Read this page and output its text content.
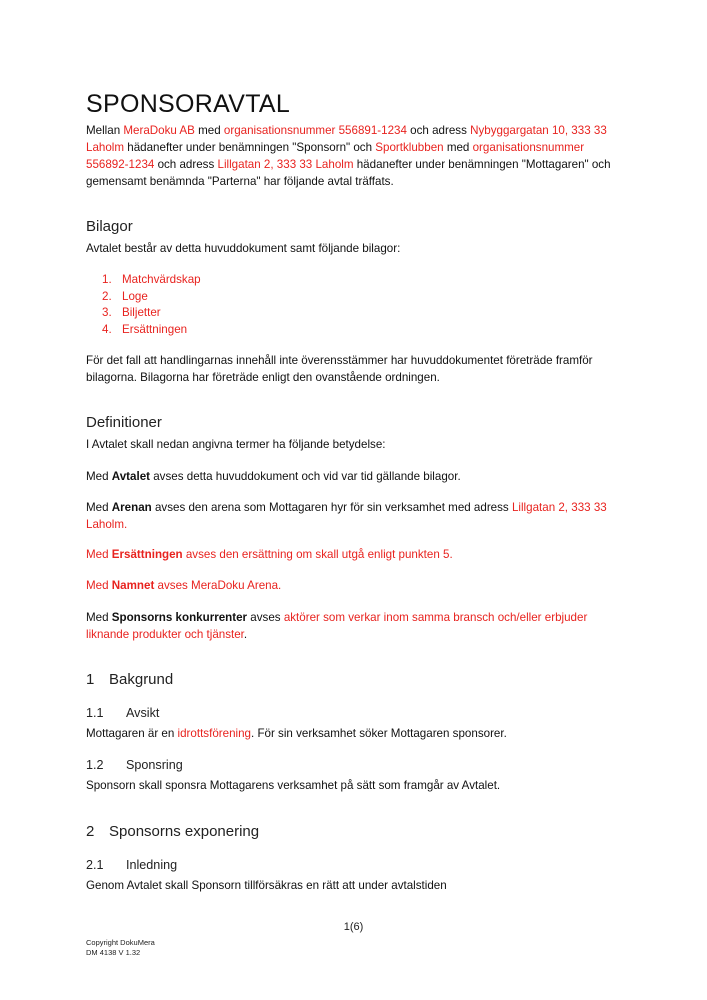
SPONSORAVTAL
Mellan MeraDoku AB med organisationsnummer 556891-1234 och adress Nybyggargatan 10, 333 33 Laholm hädanefter under benämningen "Sponsorn" och Sportklubben med organisationsnummer 556892-1234 och adress Lillgatan 2, 333 33 Laholm hädanefter under benämningen "Mottagaren" och gemensamt benämnda "Parterna" har följande avtal träffats.
Bilagor
Avtalet består av detta huvuddokument samt följande bilagor:
1. Matchvärdskap
2. Loge
3. Biljetter
4. Ersättningen
För det fall att handlingarnas innehåll inte överensstämmer har huvuddokumentet företräde framför bilagorna. Bilagorna har företräde enligt den ovanstående ordningen.
Definitioner
I Avtalet skall nedan angivna termer ha följande betydelse:
Med Avtalet avses detta huvuddokument och vid var tid gällande bilagor.
Med Arenan avses den arena som Mottagaren hyr för sin verksamhet med adress Lillgatan 2, 333 33 Laholm.
Med Ersättningen avses den ersättning om skall utgå enligt punkten 5.
Med Namnet avses MeraDoku Arena.
Med Sponsorns konkurrenter avses aktörer som verkar inom samma bransch och/eller erbjuder liknande produkter och tjänster.
1 Bakgrund
1.1 Avsikt
Mottagaren är en idrottsförening. För sin verksamhet söker Mottagaren sponsorer.
1.2 Sponsring
Sponsorn skall sponsra Mottagarens verksamhet på sätt som framgår av Avtalet.
2 Sponsorns exponering
2.1 Inledning
Genom Avtalet skall Sponsorn tillförsäkras en rätt att under avtalstiden
1(6)
Copyright DokuMera
DM 4138 V 1.32
